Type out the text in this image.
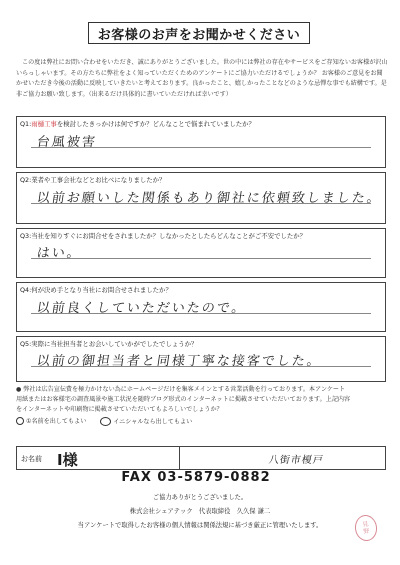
お客様のお声をお聞かせください
この度は弊社にお問い合わせをいただき、誠にありがとうございました。世の中には弊社の存在やサービスをご存知ないお客様が沢山いらっしゃいます。その方たちに弊社をよく知っていただくためのアンケートにご協力いただけるでしょうか？ お客様のご意見をお聞かせいただき今後の活動に反映していきたいと考えております。良かったこと、嬉しかったことなどのような忌憚な事でも結構です。是非ご協力お願い致します。（出来るだけ具体的に書いていただければ幸いです）
Q1:雨樋工事を検討したきっかけは何ですか？どんなことで悩まれていましたか？
台風被害
Q2:業者や工事会社などとお比べになりましたか？
以前お願いした関係もあり御社に依頼致しました。
Q3:当社を知りすぐにお問合せをされましたか？しなかったとしたらどんなことがご不安でしたか？
はい。
Q4:何が決め手となり当社にお問合せされましたか？
以前良くしていただいたので。
Q5:実際に当社担当者とお会いしていかがでしたでしょうか？
以前の御担当者と同様丁寧な接客でした。
● 弊社は広告宣伝費を極力かけない為にホームページだけを集客メインとする営業活動を行っております。本アンケート
用紙またはお客様宅の調査風景や施工状況を随時ブログ形式のインターネットに掲載させていただいております。上記内容
をインターネットや印刷物に掲載させていただいてもよろしいでしょうか？
①名前を出してもよい	イニシャルなら出してもよい
お名前 I様	八街市榎戸
FAX 03-5879-0882
ご協力ありがとうございました。
株式会社シェアテック　代表取締役　久久保 謙二
当アンケートで取得したお客様の個人情報は関係法規に基づき厳正に管理いたします。	見
野
